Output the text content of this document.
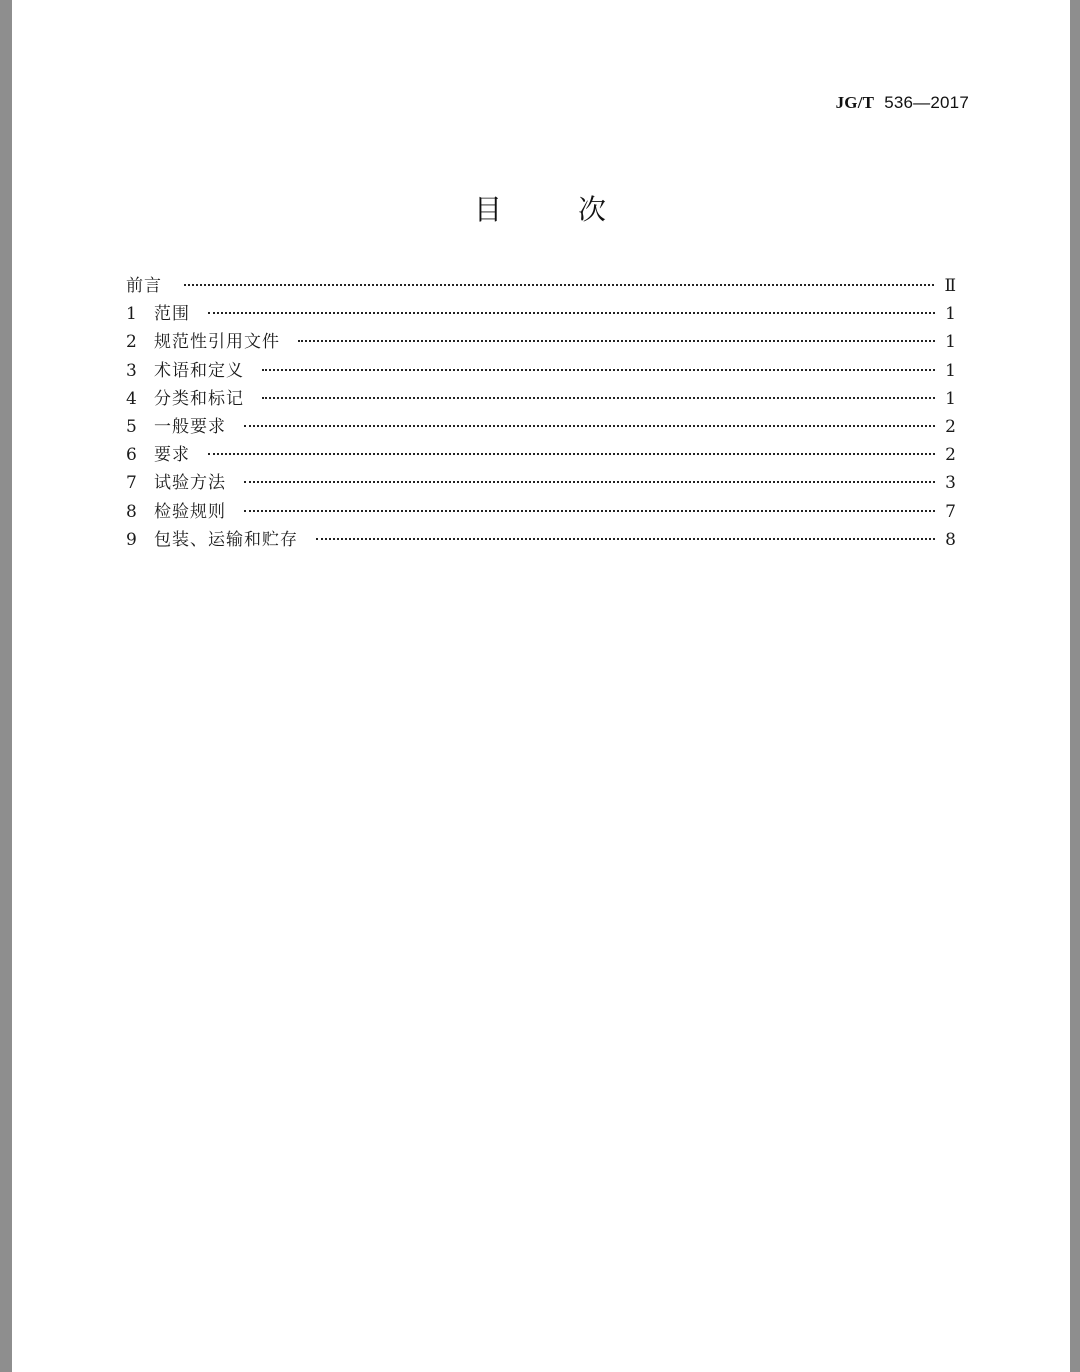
JG/T 536—2017
目　次
前言	Ⅱ
1	范围	1
2	规范性引用文件	1
3	术语和定义	1
4	分类和标记	1
5	一般要求	2
6	要求	2
7	试验方法	3
8	检验规则	7
9	包装、运输和贮存	8
